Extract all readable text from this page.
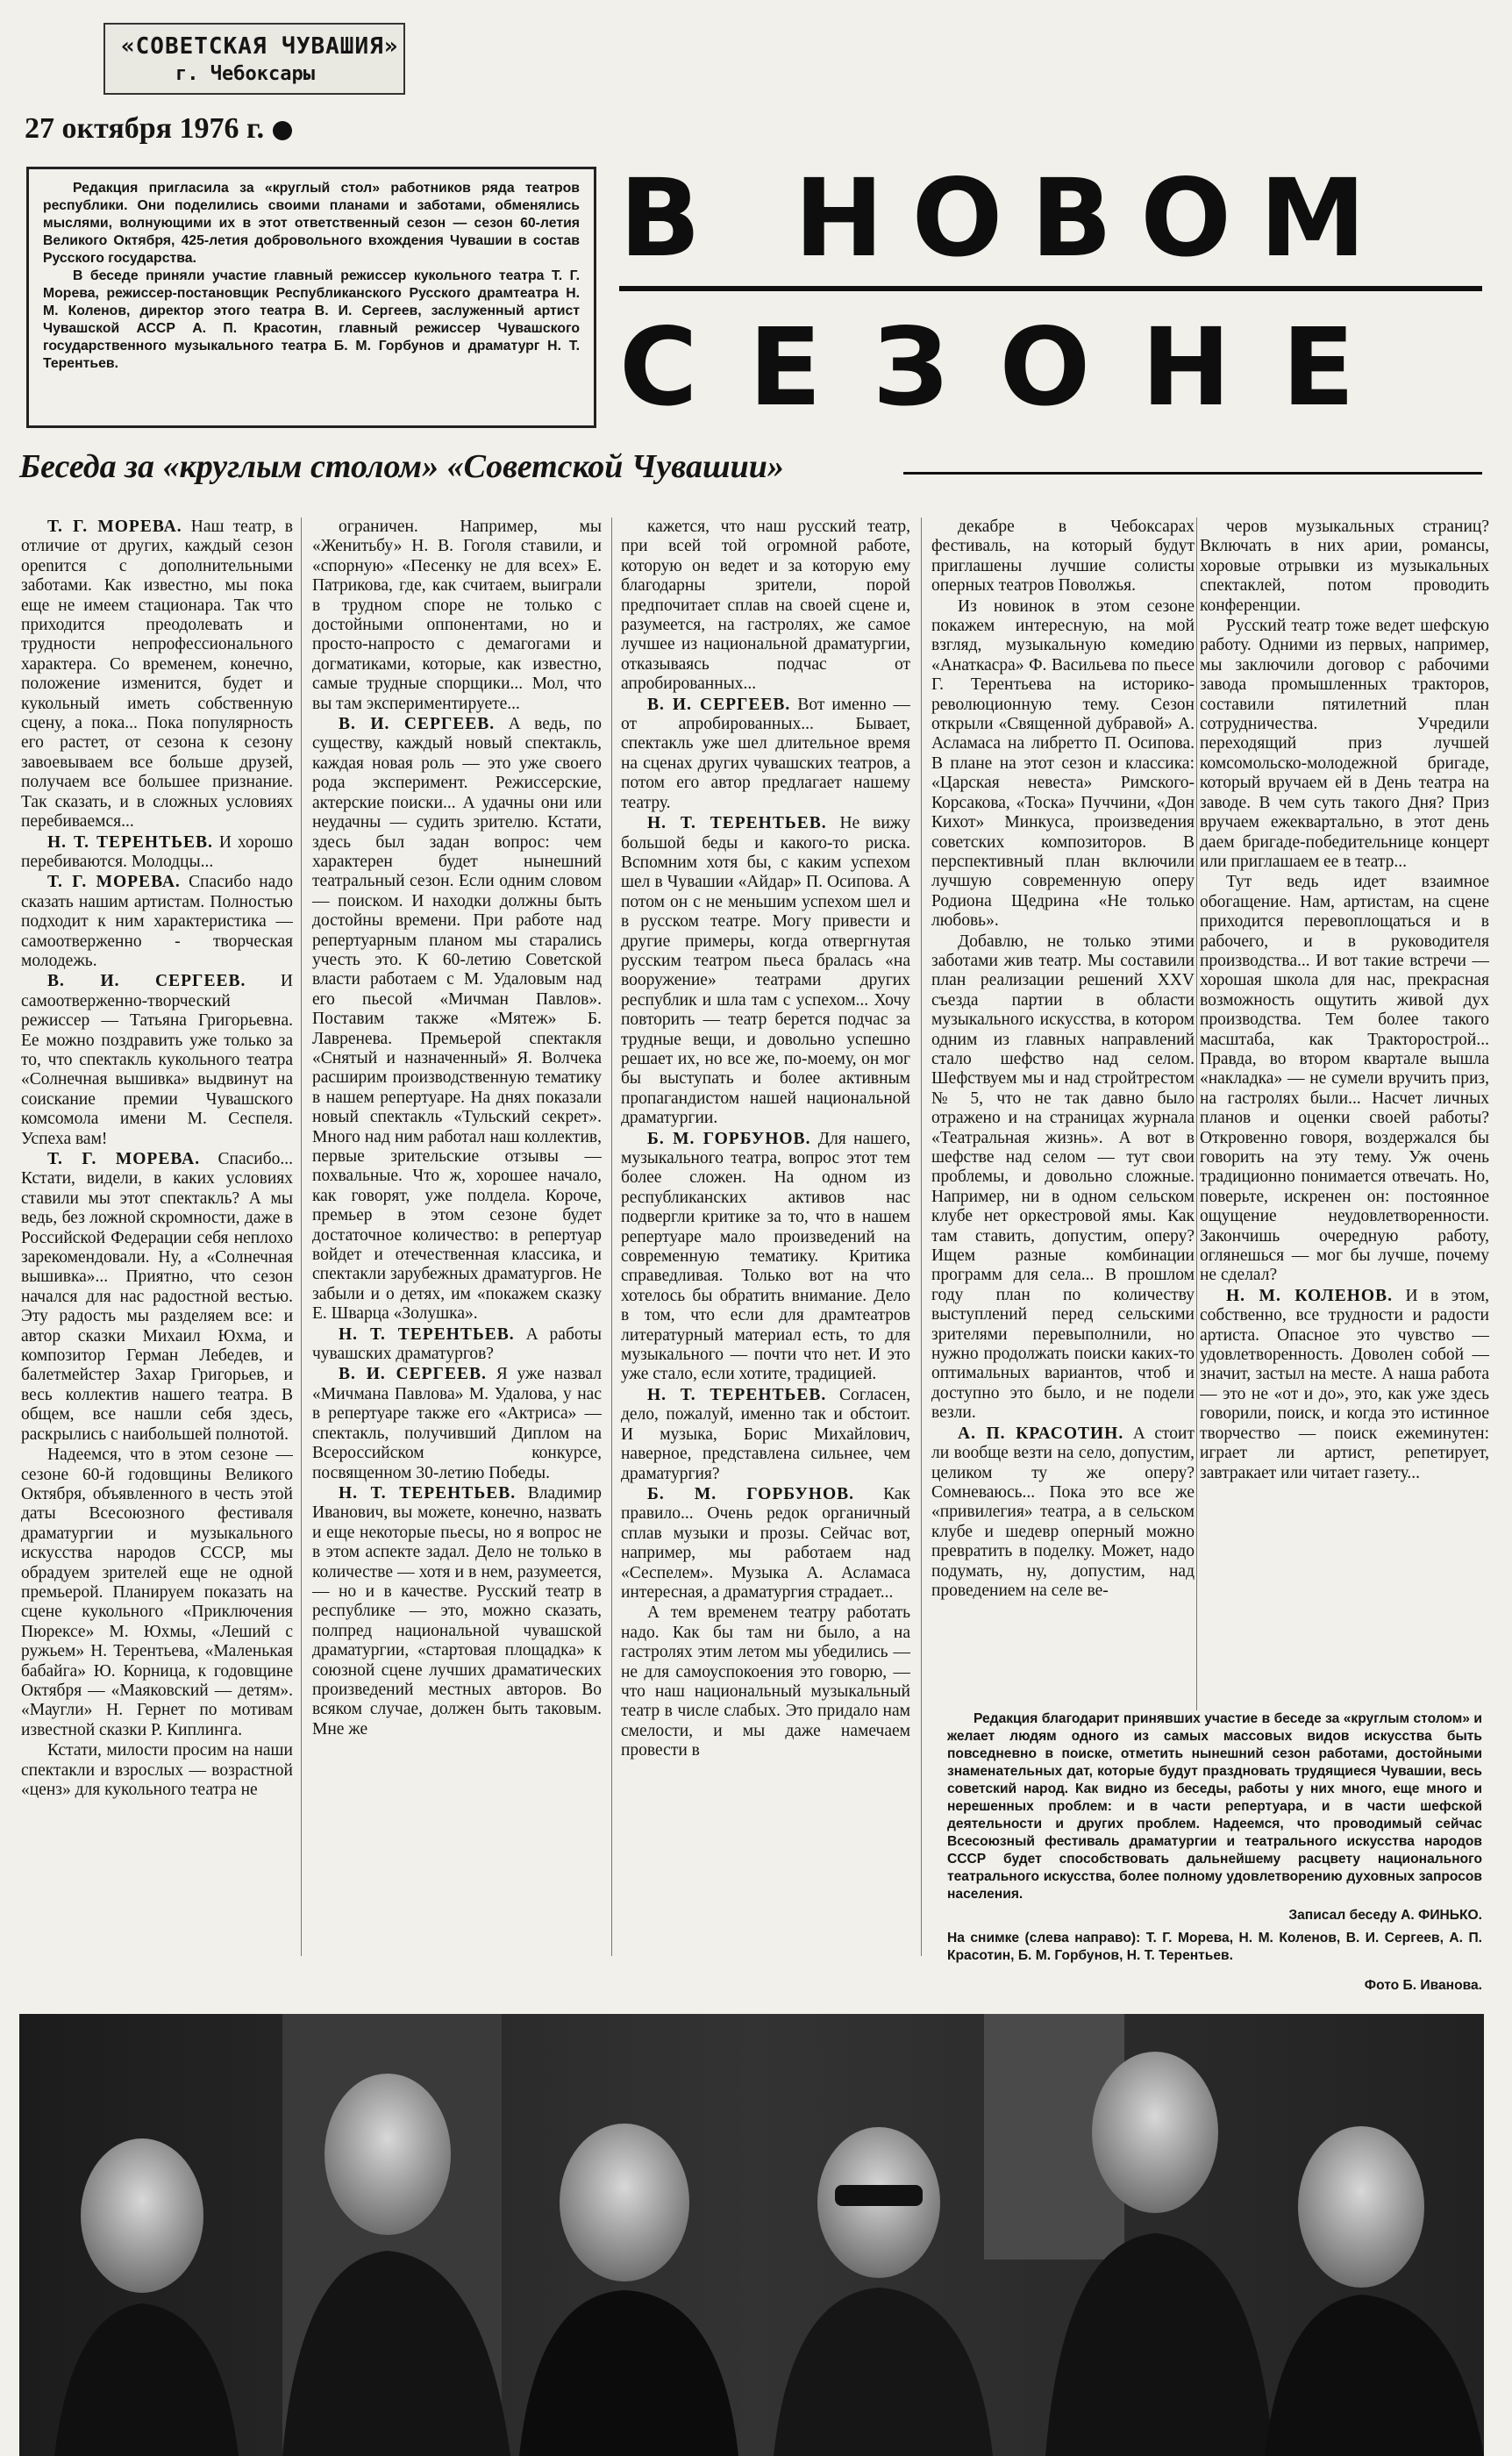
«СОВЕТСКАЯ ЧУВАШИЯ»
г. Чебоксары
27 октября 1976 г.

Редакция пригласила за «круглый стол» работников ряда театров республики. Они поделились своими планами и заботами, обменялись мыслями, волнующими их в этот ответственный сезон — сезон 60-летия Великого Октября, 425-летия добровольного вхождения Чувашии в состав Русского государства.

В беседе приняли участие главный режиссер кукольного театра Т. Г. Морева, режиссер-постановщик Республиканского Русского драмтеатра Н. М. Коленов, директор этого театра В. И. Сергеев, заслуженный артист Чувашской АССР А. П. Красотин, главный режиссер Чувашского государственного музыкального театра Б. М. Горбунов и драматург Н. Т. Терентьев.

В НОВОМ
СЕЗОНЕ
Беседа за «круглым столом» «Советской Чувашии»

Т. Г. МОРЕВА. Наш театр, в отличие от других, каждый сезон openится с дополнительными заботами. Как известно, мы пока еще не имеем стационара. Так что приходится преодолевать и трудности непрофессионального характера. Со временем, конечно, положение изменится, будет и кукольный иметь собственную сцену, а пока... Пока популярность его растет, от сезона к сезону завоевываем все больше друзей, получаем все большее признание. Так сказать, и в сложных условиях перебиваемся...

Н. Т. ТЕРЕНТЬЕВ. И хорошо перебиваются. Молодцы...

Т. Г. МОРЕВА. Спасибо надо сказать нашим артистам. Полностью подходит к ним характеристика — самоотверженно - творческая молодежь.

В. И. СЕРГЕЕВ. И самоотверженно-творческий режиссер — Татьяна Григорьевна. Ее можно поздравить уже только за то, что спектакль кукольного театра «Солнечная вышивка» выдвинут на соискание премии Чувашского комсомола имени М. Сеспеля. Успеха вам!

Т. Г. МОРЕВА. Спасибо... Кстати, видели, в каких условиях ставили мы этот спектакль? А мы ведь, без ложной скромности, даже в Российской Федерации себя неплохо зарекомендовали. Ну, а «Солнечная вышивка»... Приятно, что сезон начался для нас радостной вестью. Эту радость мы разделяем все: и автор сказки Михаил Юхма, и композитор Герман Лебедев, и балетмейстер Захар Григорьев, и весь коллектив нашего театра. В общем, все нашли себя здесь, раскрылись с наибольшей полнотой.

Надеемся, что в этом сезоне — сезоне 60-й годовщины Великого Октября, объявленного в честь этой даты Всесоюзного фестиваля драматургии и музыкального искусства народов СССР, мы обрадуем зрителей еще не одной премьерой. Планируем показать на сцене кукольного «Приключения Пюрексе» М. Юхмы, «Леший с ружьем» Н. Терентьева, «Маленькая бабайга» Ю. Корница, к годовщине Октября — «Маяковский — детям». «Маугли» Н. Гернет по мотивам известной сказки Р. Киплинга.

Кстати, милости просим на наши спектакли и взрослых — возрастной «ценз» для кукольного театра не

ограничен. Например, мы «Женитьбу» Н. В. Гоголя ставили, и «спорную» «Песенку не для всех» Е. Патрикова, где, как считаем, выиграли в трудном споре не только с достойными оппонентами, но и просто-напросто с демагогами и догматиками, которые, как известно, самые трудные спорщики... Мол, что вы там экспериментируете...

В. И. СЕРГЕЕВ. А ведь, по существу, каждый новый спектакль, каждая новая роль — это уже своего рода эксперимент. Режиссерские, актерские поиски... А удачны они или неудачны — судить зрителю. Кстати, здесь был задан вопрос: чем характерен будет нынешний театральный сезон. Если одним словом — поиском. И находки должны быть достойны времени. При работе над репертуарным планом мы старались учесть это. К 60-летию Советской власти работаем с М. Удаловым над его пьесой «Мичман Павлов». Поставим также «Мятеж» Б. Лавренева. Премьерой спектакля «Снятый и назначенный» Я. Волчека расширим производственную тематику в нашем репертуаре. На днях показали новый спектакль «Тульский секрет». Много над ним работал наш коллектив, первые зрительские отзывы — похвальные. Что ж, хорошее начало, как говорят, уже полдела. Короче, премьер в этом сезоне будет достаточное количество: в репертуар войдет и отечественная классика, и спектакли зарубежных драматургов. Не забыли и о детях, им «покажем сказку Е. Шварца «Золушка».

Н. Т. ТЕРЕНТЬЕВ. А работы чувашских драматургов?

В. И. СЕРГЕЕВ. Я уже назвал «Мичмана Павлова» М. Удалова, у нас в репертуаре также его «Актриса» — спектакль, получивший Диплом на Всероссийском конкурсе, посвященном 30-летию Победы.

Н. Т. ТЕРЕНТЬЕВ. Владимир Иванович, вы можете, конечно, назвать и еще некоторые пьесы, но я вопрос не в этом аспекте задал. Дело не только в количестве — хотя и в нем, разумеется, — но и в качестве. Русский театр в республике — это, можно сказать, полпред национальной чувашской драматургии, «стартовая площадка» к союзной сцене лучших драматических произведений местных авторов. Во всяком случае, должен быть таковым. Мне же

кажется, что наш русский театр, при всей той огромной работе, которую он ведет и за которую ему благодарны зрители, порой предпочитает сплав на своей сцене и, разумеется, на гастролях, же самое лучшее из национальной драматургии, отказываясь подчас от апробированных...

В. И. СЕРГЕЕВ. Вот именно — от апробированных... Бывает, спектакль уже шел длительное время на сценах других чувашских театров, а потом его автор предлагает нашему театру.

Н. Т. ТЕРЕНТЬЕВ. Не вижу большой беды и какого-то риска. Вспомним хотя бы, с каким успехом шел в Чувашии «Айдар» П. Осипова. А потом он с не меньшим успехом шел и в русском театре. Могу привести и другие примеры, когда отвергнутая русским театром пьеса бралась «на вооружение» театрами других республик и шла там с успехом... Хочу повторить — театр берется подчас за трудные вещи, и довольно успешно решает их, но все же, по-моему, он мог бы выступать и более активным пропагандистом нашей национальной драматургии.

Б. М. ГОРБУНОВ. Для нашего, музыкального театра, вопрос этот тем более сложен. На одном из республиканских активов нас подвергли критике за то, что в нашем репертуаре мало произведений на современную тематику. Критика справедливая. Только вот на что хотелось бы обратить внимание. Дело в том, что если для драмтеатров литературный материал есть, то для музыкального — почти что нет. И это уже стало, если хотите, традицией.

Н. Т. ТЕРЕНТЬЕВ. Согласен, дело, пожалуй, именно так и обстоит. И музыка, Борис Михайлович, наверное, представлена сильнее, чем драматургия?

Б. М. ГОРБУНОВ. Как правило... Очень редок органичный сплав музыки и прозы. Сейчас вот, например, мы работаем над «Сеспелем». Музыка А. Асламаса интересная, а драматургия страдает...

А тем временем театру работать надо. Как бы там ни было, а на гастролях этим летом мы убедились — не для самоуспокоения это говорю, — что наш национальный музыкальный театр в числе слабых. Это придало нам смелости, и мы даже намечаем провести в

декабре в Чебоксарах фестиваль, на который будут приглашены лучшие солисты оперных театров Поволжья.

Из новинок в этом сезоне покажем интересную, на мой взгляд, музыкальную комедию «Анаткасра» Ф. Васильева по пьесе Г. Терентьева на историко-революционную тему. Сезон открыли «Священной дубравой» А. Асламаса на либретто П. Осипова. В плане на этот сезон и классика: «Царская невеста» Римского-Корсакова, «Тоска» Пуччини, «Дон Кихот» Минкуса, произведения советских композиторов. В перспективный план включили лучшую современную оперу Родиона Щедрина «Не только любовь».

Добавлю, не только этими заботами жив театр. Мы составили план реализации решений XXV съезда партии в области музыкального искусства, в котором одним из главных направлений стало шефство над селом. Шефствуем мы и над стройтрестом № 5, что не так давно было отражено и на страницах журнала «Театральная жизнь». А вот в шефстве над селом — тут свои проблемы, и довольно сложные. Например, ни в одном сельском клубе нет оркестровой ямы. Как там ставить, допустим, оперу? Ищем разные комбинации программ для села... В прошлом году план по количеству выступлений перед сельскими зрителями перевыполнили, но нужно продолжать поиски каких-то оптимальных вариантов, чтоб и доступно это было, и не подели везли.

А. П. КРАСОТИН. А стоит ли вообще везти на село, допустим, целиком ту же оперу? Сомневаюсь... Пока это все же «привилегия» театра, а в сельском клубе и шедевр оперный можно превратить в поделку. Может, надо подумать, ну, допустим, над проведением на селе ве-

черов музыкальных страниц? Включать в них арии, романсы, хоровые отрывки из музыкальных спектаклей, потом проводить конференции.

Русский театр тоже ведет шефскую работу. Одними из первых, например, мы заключили договор с рабочими завода промышленных тракторов, составили пятилетний план сотрудничества. Учредили переходящий приз лучшей комсомольско-молодежной бригаде, который вручаем ей в День театра на заводе. В чем суть такого Дня? Приз вручаем ежеквартально, в этот день даем бригаде-победительнице концерт или приглашаем ее в театр...

Тут ведь идет взаимное обогащение. Нам, артистам, на сцене приходится перевоплощаться и в рабочего, и в руководителя производства... И вот такие встречи — хорошая школа для нас, прекрасная возможность ощутить живой дух производства. Тем более такого масштаба, как Тракторострой... Правда, во втором квартале вышла «накладка» — не сумели вручить приз, на гастролях были... Насчет личных планов и оценки своей работы? Откровенно говоря, воздержался бы говорить на эту тему. Уж очень традиционно понимается отвечать. Но, поверьте, искренен он: постоянное ощущение неудовлетворенности. Закончишь очередную работу, оглянешься — мог бы лучше, почему не сделал?

Н. М. КОЛЕНОВ. И в этом, собственно, все трудности и радости артиста. Опасное это чувство — удовлетворенность. Доволен собой — значит, застыл на месте. А наша работа — это не «от и до», это, как уже здесь говорили, поиск, и когда это истинное творчество — поиск ежеминутен: играет ли артист, репетирует, завтракает или читает газету...

Редакция благодарит принявших участие в беседе за «круглым столом» и желает людям одного из самых массовых видов искусства быть повседневно в поиске, отметить нынешний сезон работами, достойными знаменательных дат, которые будут праздновать трудящиеся Чувашии, весь советский народ. Как видно из беседы, работы у них много, еще много и нерешенных проблем: и в части репертуара, и в части шефской деятельности и других проблем. Надеемся, что проводимый сейчас Всесоюзный фестиваль драматургии и театрального искусства народов СССР будет способствовать дальнейшему расцвету национального театрального искусства, более полному удовлетворению духовных запросов населения.

Записал беседу А. ФИНЬКО.
На снимке (слева направо): Т. Г. Морева, Н. М. Коленов, В. И. Сергеев, А. П. Красотин, Б. М. Горбунов, Н. Т. Терентьев.
Фото Б. Иванова.
